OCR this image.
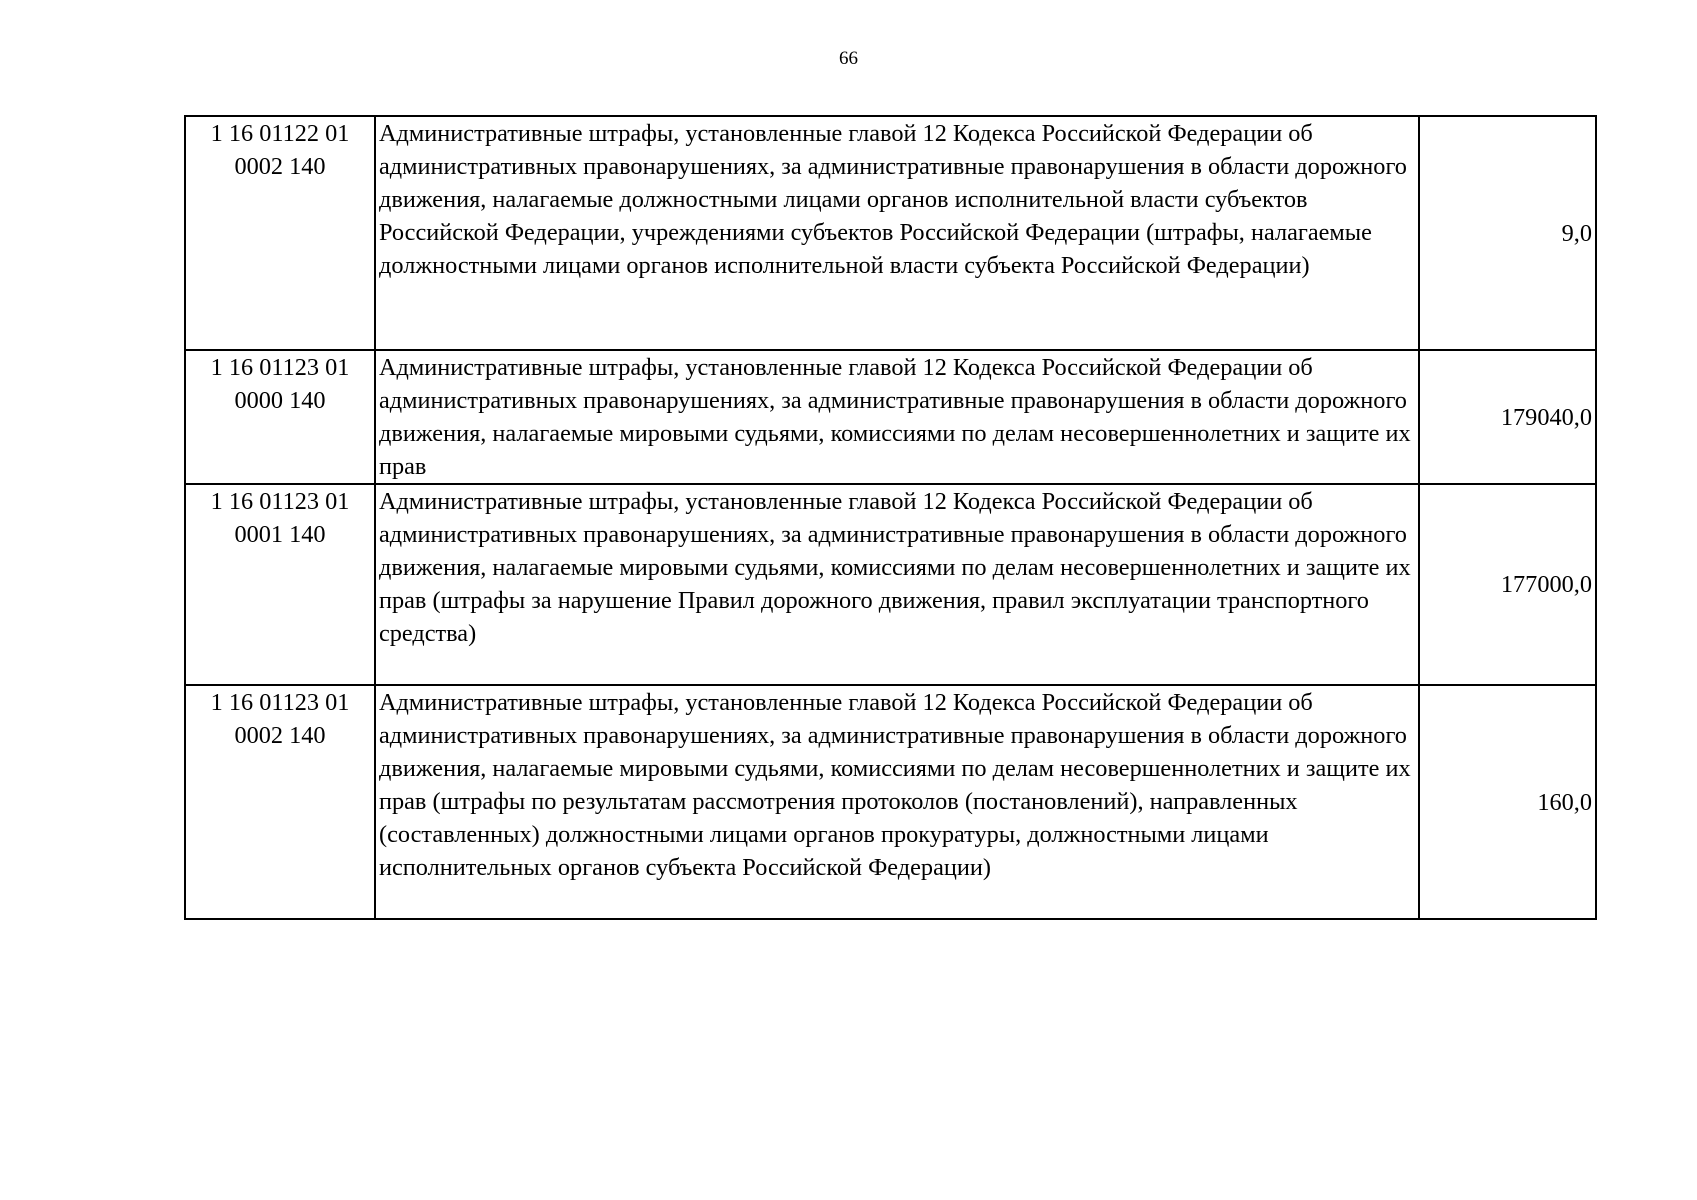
66
1 16 01122 01
0002 140	Административные штрафы, установленные главой 12 Кодекса Российской Федерации об административных правонарушениях, за административные правонарушения в области дорожного движения, налагаемые должностными лицами органов исполнительной власти субъектов Российской Федерации, учреждениями субъектов Российской Федерации (штрафы, налагаемые должностными лицами органов исполнительной власти субъекта Российской Федерации)	9,0

1 16 01123 01
0000 140	Административные штрафы, установленные главой 12 Кодекса Российской Федерации об административных правонарушениях, за административные правонарушения в области дорожного движения, налагаемые мировыми судьями, комиссиями по делам несовершеннолетних и защите их прав	179040,0

1 16 01123 01
0001 140	Административные штрафы, установленные главой 12 Кодекса Российской Федерации об административных правонарушениях, за административные правонарушения в области дорожного движения, налагаемые мировыми судьями, комиссиями по делам несовершеннолетних и защите их прав (штрафы за нарушение Правил дорожного движения, правил эксплуатации транспортного средства)	177000,0

1 16 01123 01
0002 140	Административные штрафы, установленные главой 12 Кодекса Российской Федерации об административных правонарушениях, за административные правонарушения в области дорожного движения, налагаемые мировыми судьями, комиссиями по делам несовершеннолетних и защите их прав (штрафы по результатам рассмотрения протоколов (постановлений), направленных (составленных) должностными лицами органов прокуратуры, должностными лицами исполнительных органов субъекта Российской Федерации)	160,0
